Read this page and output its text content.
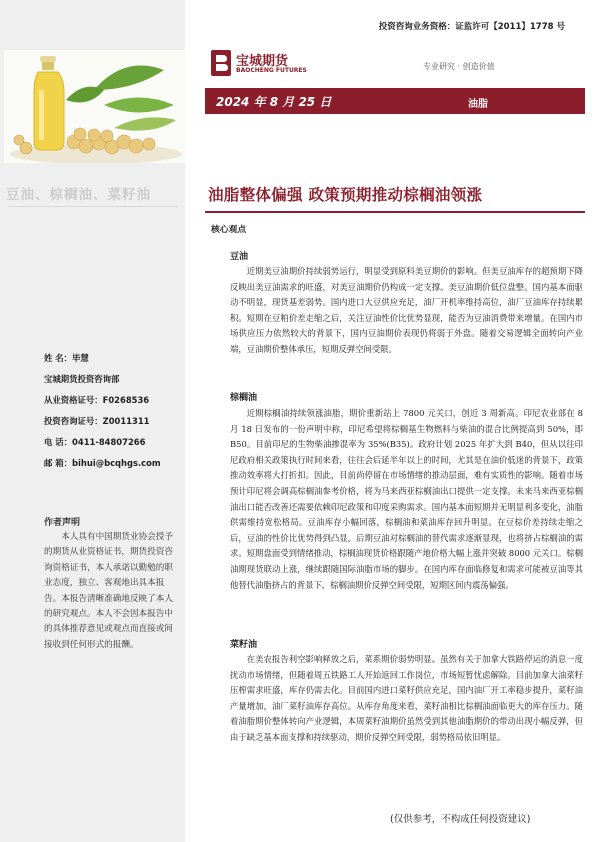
豆油、棕榈油、菜籽油
姓 名：毕慧
宝城期货投资咨询部
从业资格证号：F0268536
投资咨询证号：Z0011311
电 话：0411-84807266
邮 箱：bihui@bcqhgs.com
作者声明
本人具有中国期货业协会授予的期货从业资格证书，期货投资咨询资格证书，本人承诺以勤勉的职业态度，独立、客观地出具本报告。本报告清晰准确地反映了本人的研究观点。本人不会因本报告中的具体推荐意见或观点而直接或间接收到任何形式的报酬。
投资咨询业务资格：证监许可【2011】1778 号
宝城期货
BAOCHENG FUTURES	专业研究 · 创造价值
2024 年 8 月 25 日	油脂
油脂整体偏强 政策预期推动棕榈油领涨
核心观点
豆油
近期美豆油期价持续弱势运行，明显受到原料美豆期价的影响。但美豆油库存的超预期下降反映出美豆油需求的旺盛，对美豆油期价仍构成一定支撑。美豆油期价低位盘整。国内基本面驱动不明显，现货基差弱势。国内进口大豆供应充足，油厂开机率维持高位，油厂豆油库存持续累积。短期在豆粕价差走缩之后，关注豆油性价比优势显现，能否为豆油消费带来增量。在国内市场供应压力依然较大的背景下，国内豆油期价表现仍将弱于外盘。随着交易逻辑全面转向产业端，豆油期价整体承压，短期反弹空间受限。
棕榈油
近期棕榈油持续领涨油脂，期价重新站上 7800 元关口，创近 3 周新高。印尼农业部在 8 月 18 日发布的一份声明中称，印尼希望将棕榈基生物燃料与柴油的混合比例提高到 50%，即 B50。目前印尼的生物柴油掺混率为 35%(B35)。政府计划 2025 年扩大到 B40，但从以往印尼政府相关政策执行时间来看，往往会后延半年以上的时间，尤其是在油价低迷的背景下，政策推动效率将大打折扣。因此，目前尚停留在市场情绪的推动层面，难有实质性的影响。随着市场预计印尼将会调高棕榈油参考价格，将为马来西亚棕榈油出口提供一定支撑。未来马来西亚棕榈油出口能否改善还需要依赖印尼政策和印度采购需求。国内基本面短期并无明显利多变化，油脂供需维持宽松格局。豆油库存小幅回落，棕榈油和菜油库存回升明显。在豆棕价差持续走缩之后，豆油的性价比优势得到凸显，后期豆油对棕榈油的替代需求逐渐显现，也将挤占棕榈油的需求。短期盘面受到情绪推动，棕榈油现货价格跟随产地价格大幅上涨并突破 8000 元关口。棕榈油期现货联动上涨，继续跟随国际油脂市场的脚步。在国内库存面临修复和需求可能被豆油等其他替代油脂挤占的背景下，棕榈油期价反弹空间受限，短期区间内震荡偏强。
菜籽油
在美农报告利空影响释放之后，菜系期价弱势明显。虽然有关于加拿大铁路停运的消息一度扰动市场情绪，但随着周五铁路工人开始返回工作岗位，市场短暂忧虑解除。目前加拿大油菜籽压榨需求旺盛，库存仍需去化。目前国内进口菜籽供应充足，国内油厂开工率稳步提升，菜籽油产量增加，油厂菜籽油库存高位。从库存角度来看，菜籽油相比棕榈油面临更大的库存压力。随着油脂期价整体转向产业逻辑，本周菜籽油期价虽然受到其他油脂期价的带动出现小幅反弹，但由于缺乏基本面支撑和持续驱动，期价反弹空间受限，弱势格局依旧明显。
(仅供参考，不构成任何投资建议)
